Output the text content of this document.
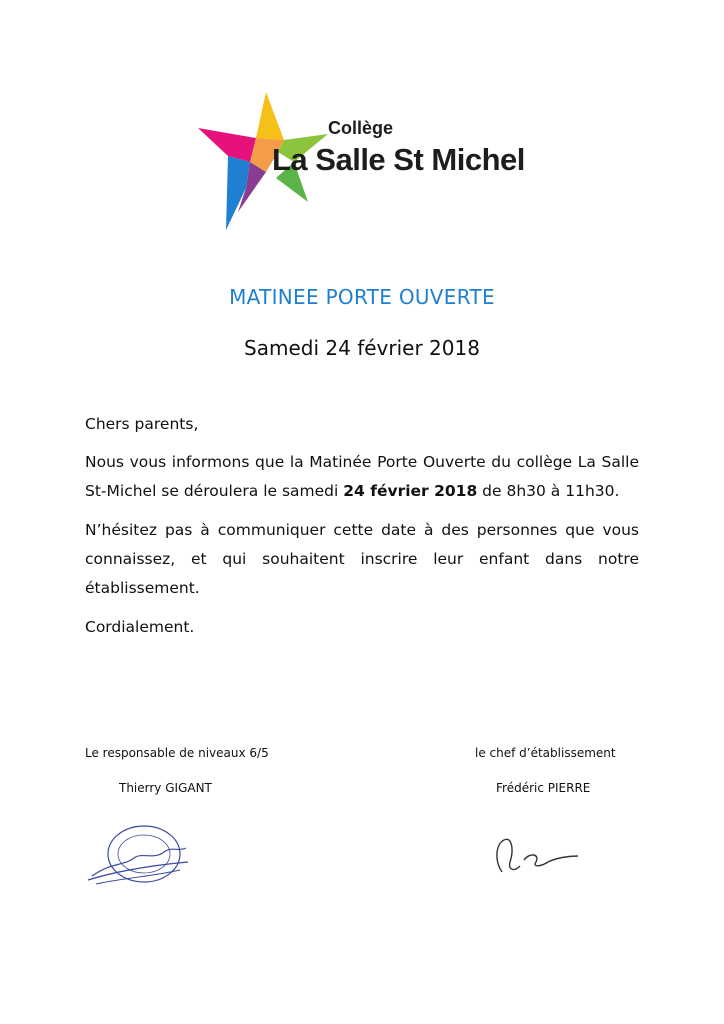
Collège
La Salle St Michel
MATINEE PORTE OUVERTE
Samedi 24 février 2018

Chers parents,

Nous vous informons que la Matinée Porte Ouverte du collège La Salle St-Michel se déroulera le samedi 24 février 2018 de 8h30 à 11h30.

N’hésitez pas à communiquer cette date à des personnes que vous connaissez, et qui souhaitent inscrire leur enfant dans notre établissement.

Cordialement.

Le responsable de niveaux 6/5	le chef d’établissement
Thierry GIGANT	Frédéric PIERRE
